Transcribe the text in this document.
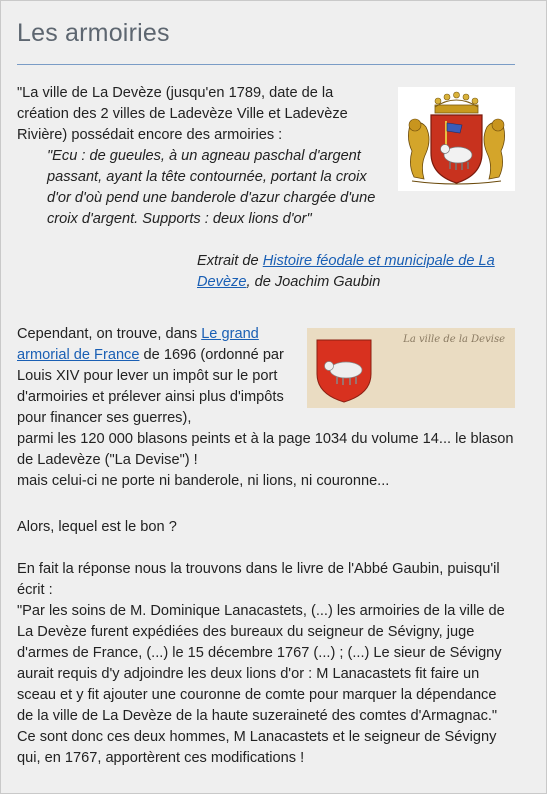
Les armoiries
"La ville de La Devèze (jusqu'en 1789, date de la
création des 2 villes de Ladevèze Ville et Ladevèze
Rivière) possédait encore des armoiries :
"Ecu : de gueules, à un agneau paschal d'argent
passant, ayant la tête contournée, portant la croix
d'or d'où pend une banderole d'azur chargée d'une
croix d'argent. Supports : deux lions d'or"
Extrait de Histoire féodale et municipale de La
Devèze, de Joachim Gaubin
Cependant, on trouve, dans Le grand
armorial de France de 1696 (ordonné par
Louis XIV pour lever un impôt sur le port
d'armoiries et prélever ainsi plus d'impôts
pour financer ses guerres),
parmi les 120 000 blasons peints et à la page 1034 du volume 14... le blason
de Ladevèze ("La Devise") !
mais celui-ci ne porte ni banderole, ni lions, ni couronne...
La ville de la Devise
Alors, lequel est le bon ?
En fait la réponse nous la trouvons dans le livre de l'Abbé Gaubin, puisqu'il
écrit :
"Par les soins de M. Dominique Lanacastets, (...) les armoiries de la ville de
La Devèze furent expédiées des bureaux du seigneur de Sévigny, juge
d'armes de France, (...) le 15 décembre 1767 (...) ; (...) Le sieur de Sévigny
aurait requis d'y adjoindre les deux lions d'or : M Lanacastets fit faire un
sceau et y fit ajouter une couronne de comte pour marquer la dépendance
de la ville de La Devèze de la haute suzeraineté des comtes d'Armagnac."
Ce sont donc ces deux hommes, M Lanacastets et le seigneur de Sévigny
qui, en 1767, apportèrent ces modifications !
